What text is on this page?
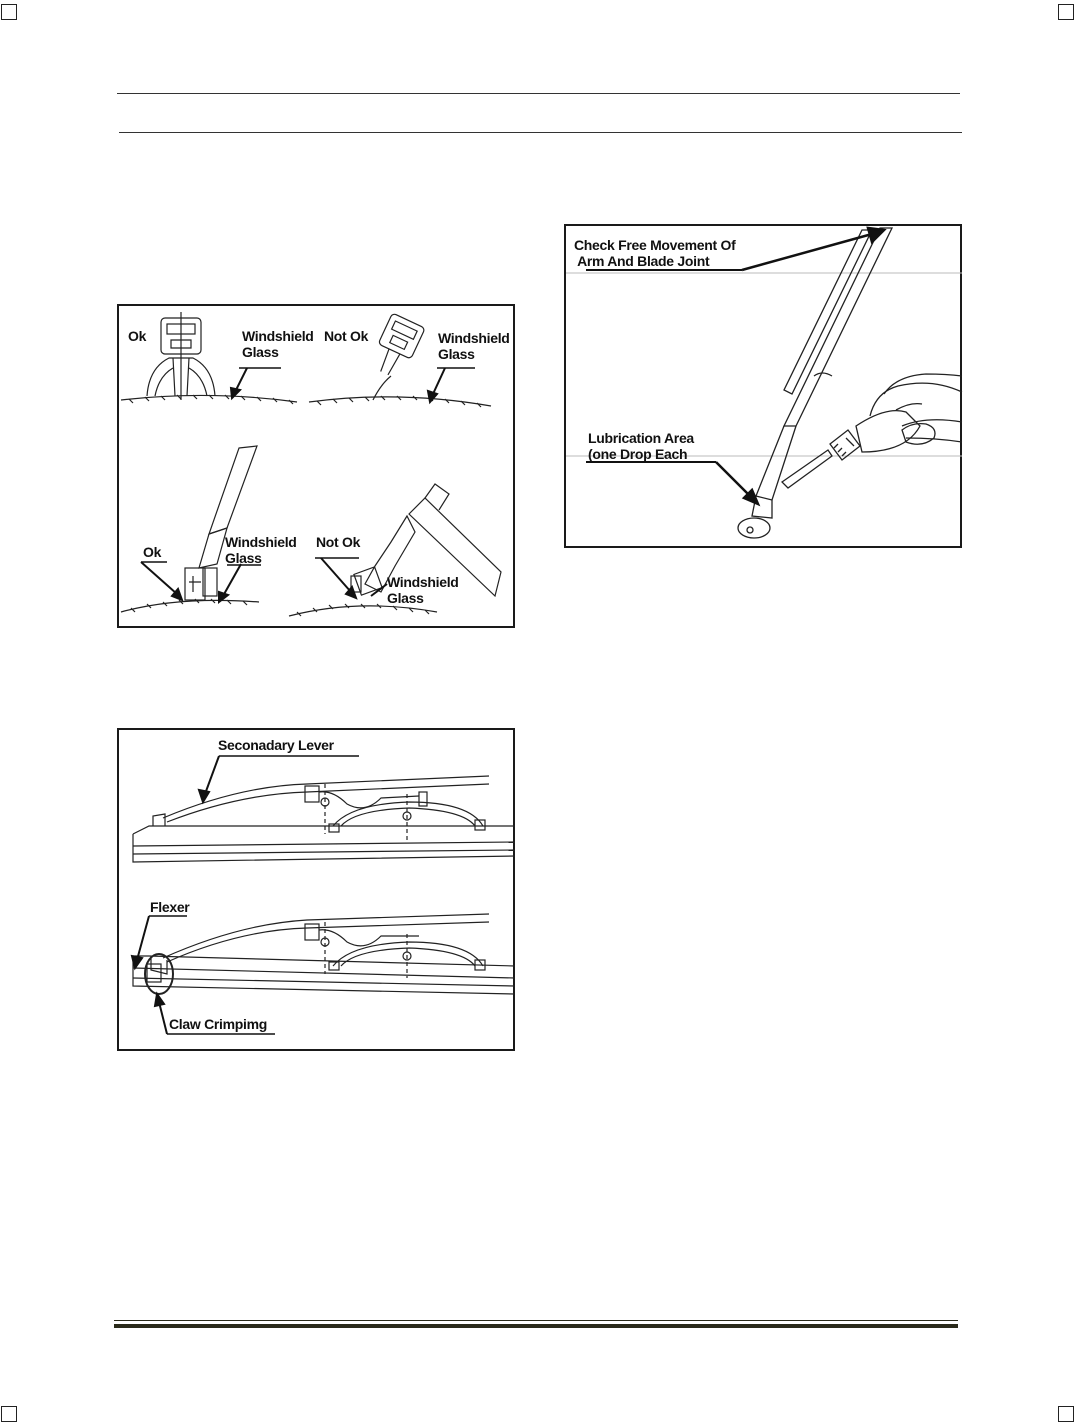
Ok	Windshield
Glass
Not Ok	Windshield
Glass
Ok
Windshield
Glass
Not Ok
Windshield
Glass
Seconadary Lever
Flexer
Claw Crimpimg
Check Free Movement Of
Arm And Blade Joint
Lubrication Area
(one Drop Each
